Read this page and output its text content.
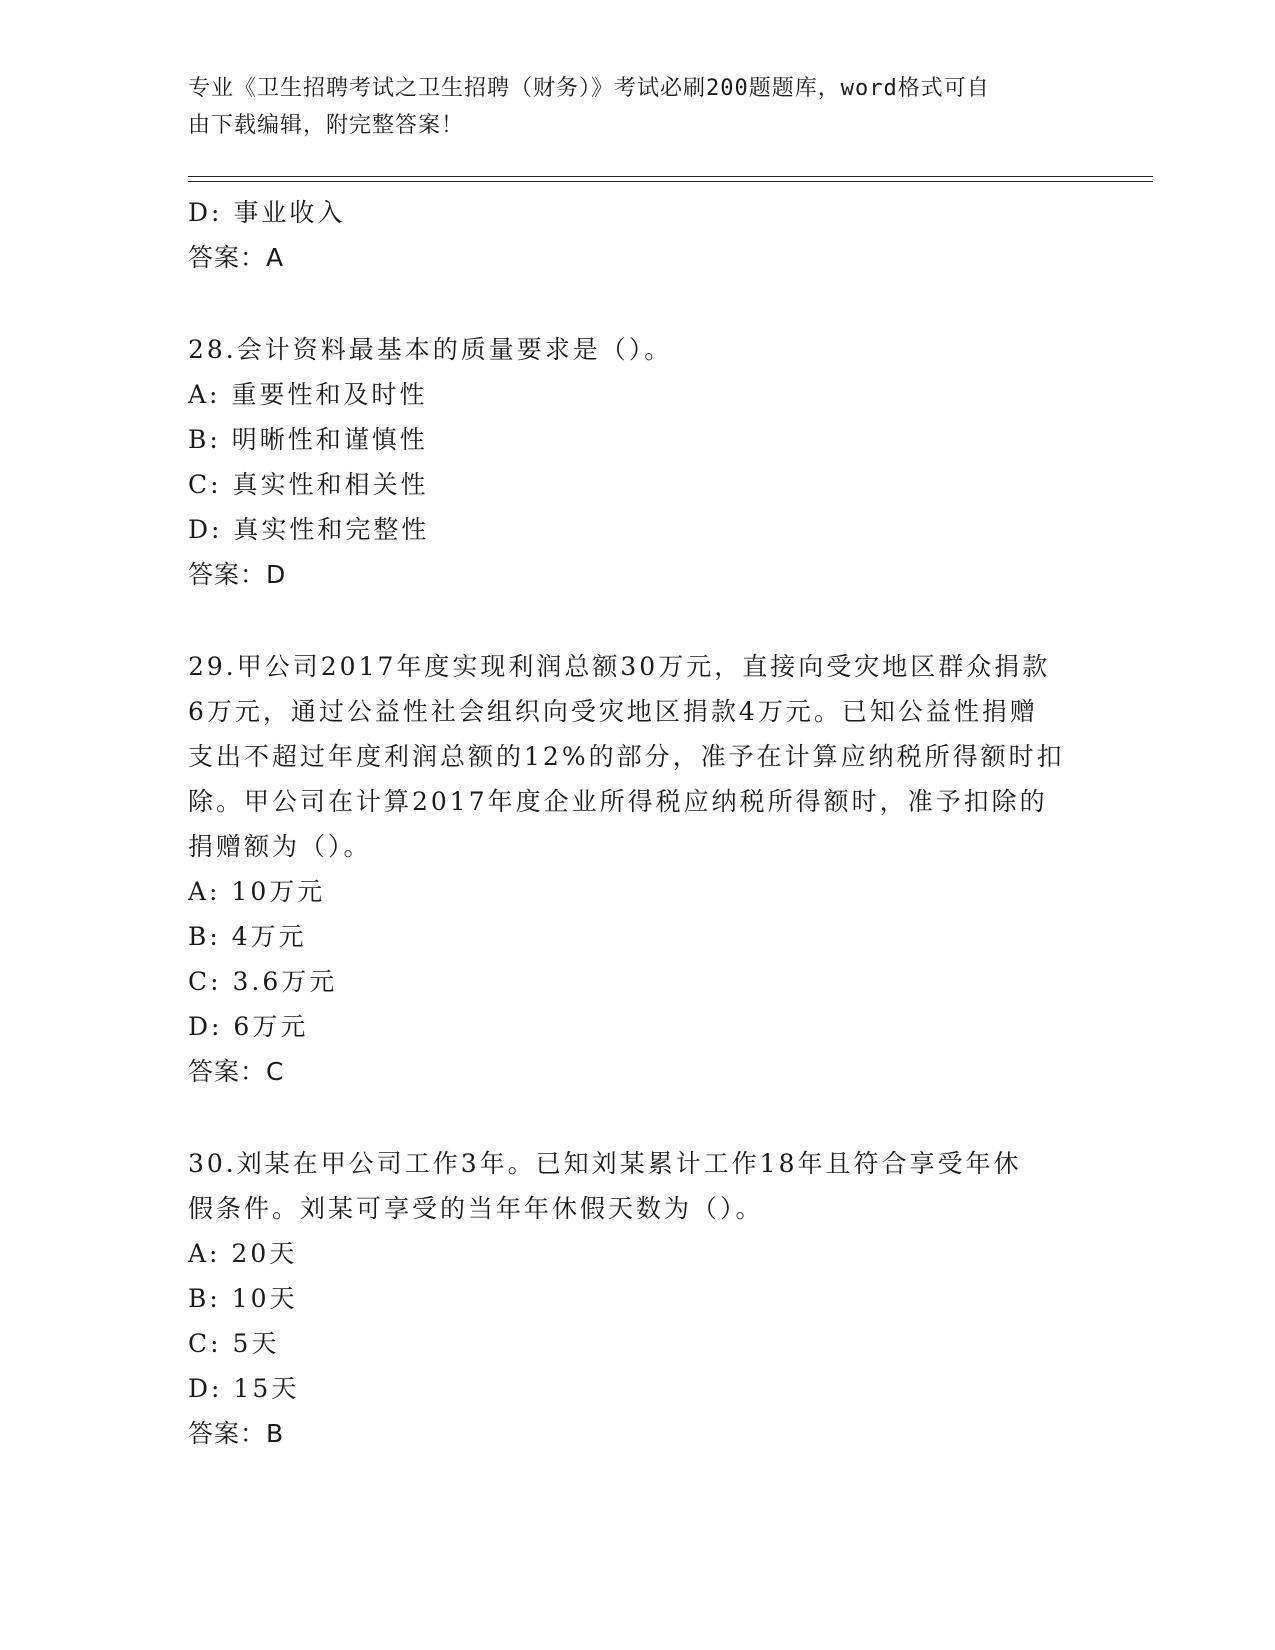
专业《卫生招聘考试之卫生招聘（财务）》考试必刷200题题库，word格式可自
由下载编辑，附完整答案！
D: 事业收入
答案：A
28.会计资料最基本的质量要求是（）。
A: 重要性和及时性
B: 明晰性和谨慎性
C: 真实性和相关性
D: 真实性和完整性
答案：D
29.甲公司2017年度实现利润总额30万元，直接向受灾地区群众捐款
6万元，通过公益性社会组织向受灾地区捐款4万元。已知公益性捐赠
支出不超过年度利润总额的12%的部分，准予在计算应纳税所得额时扣
除。甲公司在计算2017年度企业所得税应纳税所得额时，准予扣除的
捐赠额为（）。
A: 10万元
B: 4万元
C: 3.6万元
D: 6万元
答案：C
30.刘某在甲公司工作3年。已知刘某累计工作18年且符合享受年休
假条件。刘某可享受的当年年休假天数为（）。
A: 20天
B: 10天
C: 5天
D: 15天
答案：B
